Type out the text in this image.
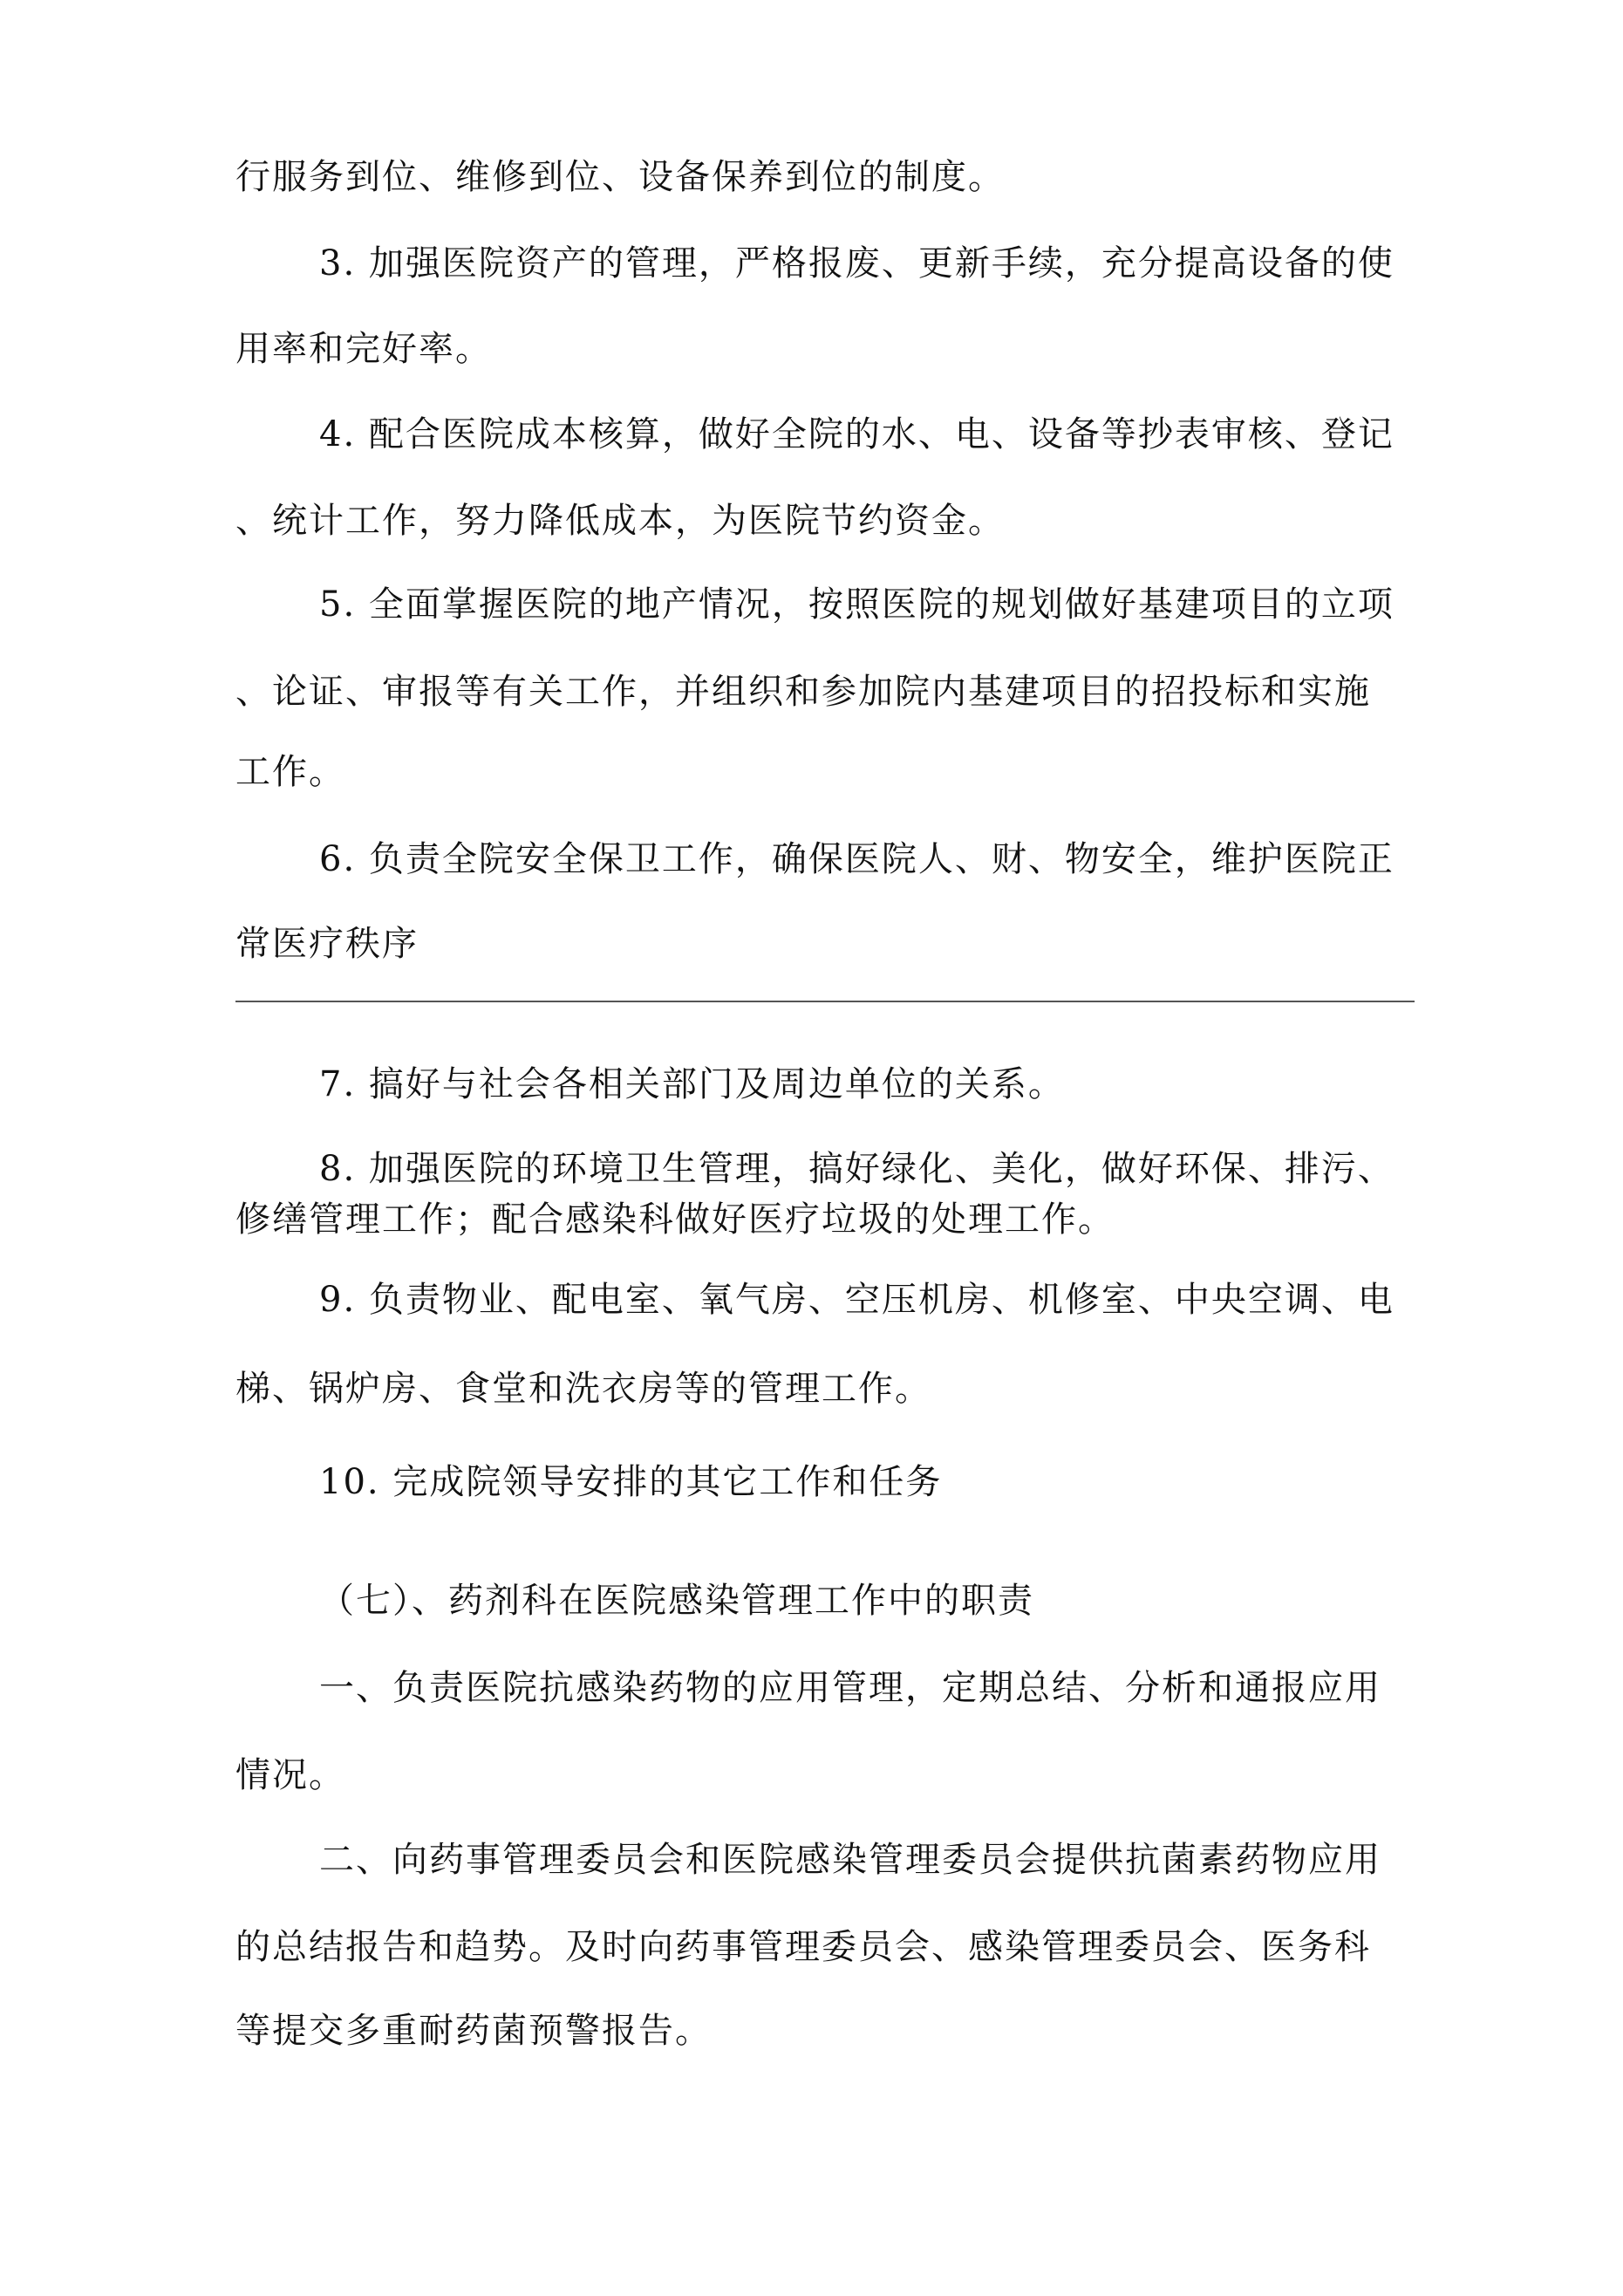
行服务到位、维修到位、设备保养到位的制度。
3. 加强医院资产的管理，严格报废、更新手续，充分提高设备的使
用率和完好率。
4. 配合医院成本核算，做好全院的水、电、设备等抄表审核、登记
、统计工作，努力降低成本，为医院节约资金。
5. 全面掌握医院的地产情况，按照医院的规划做好基建项目的立项
、论证、审报等有关工作，并组织和参加院内基建项目的招投标和实施
工作。
6. 负责全院安全保卫工作，确保医院人、财、物安全，维护医院正
常医疗秩序
7. 搞好与社会各相关部门及周边单位的关系。
8. 加强医院的环境卫生管理，搞好绿化、美化，做好环保、排污、
修缮管理工作；配合感染科做好医疗垃圾的处理工作。
9. 负责物业、配电室、氧气房、空压机房、机修室、中央空调、电
梯、锅炉房、食堂和洗衣房等的管理工作。
10. 完成院领导安排的其它工作和任务
（七）、药剂科在医院感染管理工作中的职责
一、负责医院抗感染药物的应用管理，定期总结、分析和通报应用
情况。
二、向药事管理委员会和医院感染管理委员会提供抗菌素药物应用
的总结报告和趋势。及时向药事管理委员会、感染管理委员会、医务科
等提交多重耐药菌预警报告。
